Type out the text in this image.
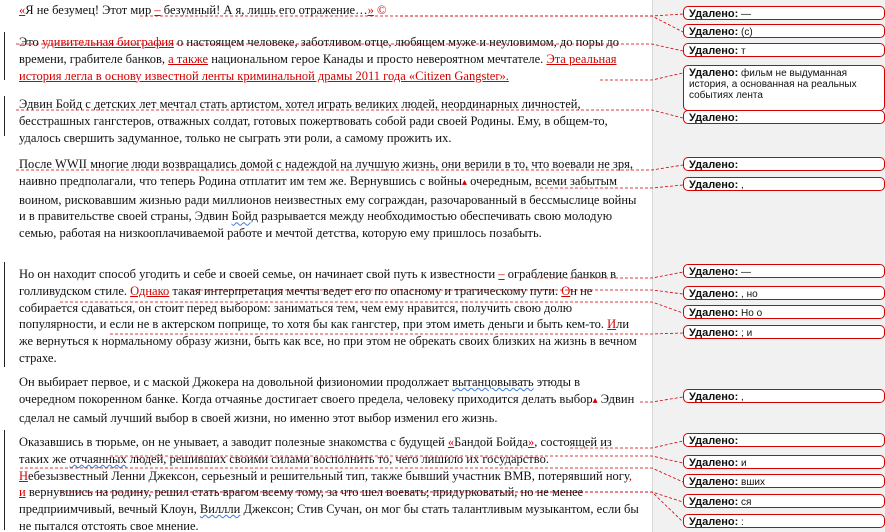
«Я не безумец! Этот мир – безумный! А я, лишь его отражение…» ©

Это удивительная биография о настоящем человеке, заботливом отце, любящем муже и неуловимом, до поры до времени, грабителе банков, а также национальном герое Канады и просто невероятном мечтателе. Эта реальная история легла в основу известной ленты криминальной драмы 2011 года «Citizen Gangster».

Эдвин Бойд с детских лет мечтал стать артистом, хотел играть великих людей, неординарных личностей, бесстрашных гангстеров, отважных солдат, готовых пожертвовать собой ради своей Родины. Ему, в общем-то, удалось свершить задуманное, только не сыграть эти роли, а самому прожить их.

После WWII многие люди возвращались домой с надеждой на лучшую жизнь, они верили в то, что воевали не зря, наивно предполагали, что теперь Родина отплатит им тем же. Вернувшись с войны▴ очередным, всеми забытым воином, рисковавшим жизнью ради миллионов неизвестных ему сограждан, разочарованный в бессмыслице войны и в правительстве своей страны, Эдвин Бойд разрывается между необходимостью обеспечивать свою молодую семью, работая на низкооплачиваемой работе и мечтой детства, которую ему пришлось позабыть.

Но он находит способ угодить и себе и своей семье, он начинает свой путь к известности – ограбление банков в голливудском стиле. Однако такая интерпретация мечты ведет его по опасному и трагическому пути. Он не собирается сдаваться, он стоит перед выбором: заниматься тем, чем ему нравится, получить свою долю популярности, и если не в актерском поприще, то хотя бы как гангстер, при этом иметь деньги и быть кем-то. Или же вернуться к нормальному образу жизни, быть как все, но при этом не обрекать своих близких на жизнь в вечном страхе.

Он выбирает первое, и с маской Джокера на довольной физиономии продолжает вытанцовывать этюды в очередном покоренном банке. Когда отчаянье достигает своего предела, человеку приходится делать выбор▴ Эдвин сделал не самый лучший выбор в своей жизни, но именно этот выбор изменил его жизнь.

Оказавшись в тюрьме, он не унывает, а заводит полезные знакомства с будущей «Бандой Бойда», состоящей из таких же отчаянных людей, решивших своими силами восполнить то, чего лишило их государство. Небезызвестный Ленни Джексон, серьезный и решительный тип, также бывший участник ВМВ, потерявший ногу, и вернувшись на родину, решил стать врагом всему тому, за что шел воевать; придурковатый, но не менее предприимчивый, вечный Клоун, Виллли Джексон; Стив Сучан, он мог бы стать талантливым музыкантом, если бы не пытался отстоять свое мнение.

Удалено: —
Удалено: (c)
Удалено: т
Удалено: фильм не выдуманная история, а основанная на реальных событиях лента
Удалено:
Удалено:
Удалено: ,
Удалено: —
Удалено: , но
Удалено: Но о
Удалено: ; и
Удалено: ,
Удалено:
Удалено: и
Удалено: вших
Удалено: ся
Удалено: :
